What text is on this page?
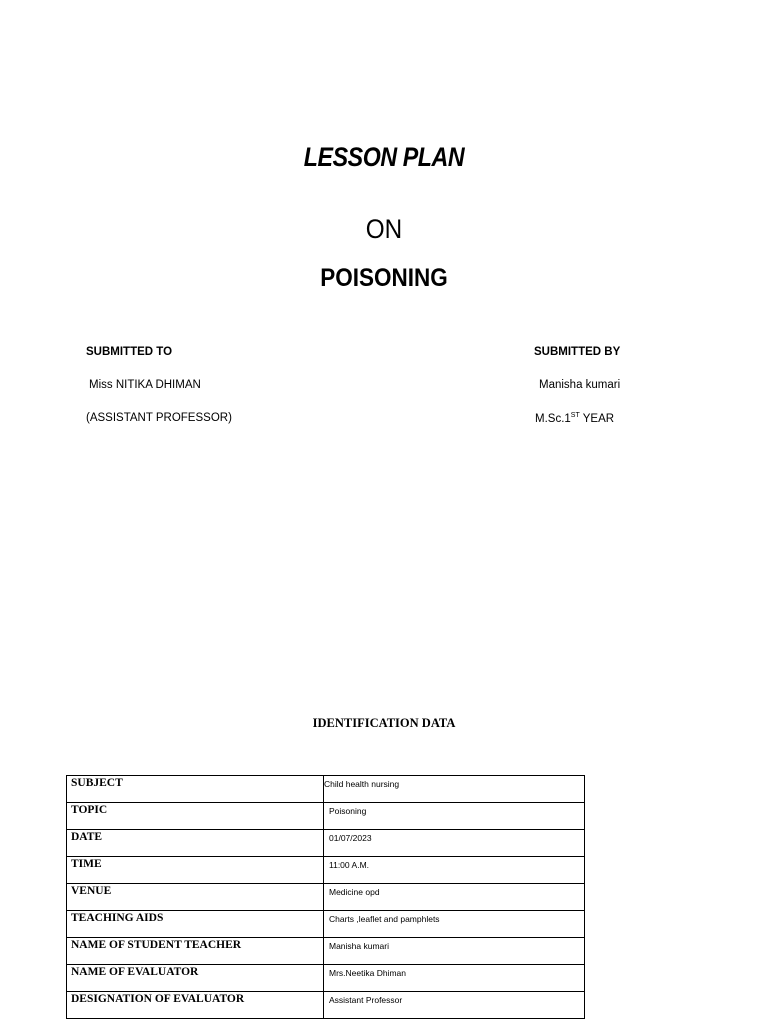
LESSON PLAN
ON
POISONING
SUBMITTED TO
Miss NITIKA DHIMAN
(ASSISTANT PROFESSOR)
SUBMITTED BY
Manisha kumari
M.Sc.1ST YEAR
IDENTIFICATION DATA
SUBJECT	Child health nursing
TOPIC	Poisoning
DATE	01/07/2023
TIME	11:00 A.M.
VENUE	Medicine opd
TEACHING AIDS	Charts ,leaflet and pamphlets
NAME OF STUDENT TEACHER	Manisha kumari
NAME OF EVALUATOR	Mrs.Neetika Dhiman
DESIGNATION OF EVALUATOR	Assistant Professor
